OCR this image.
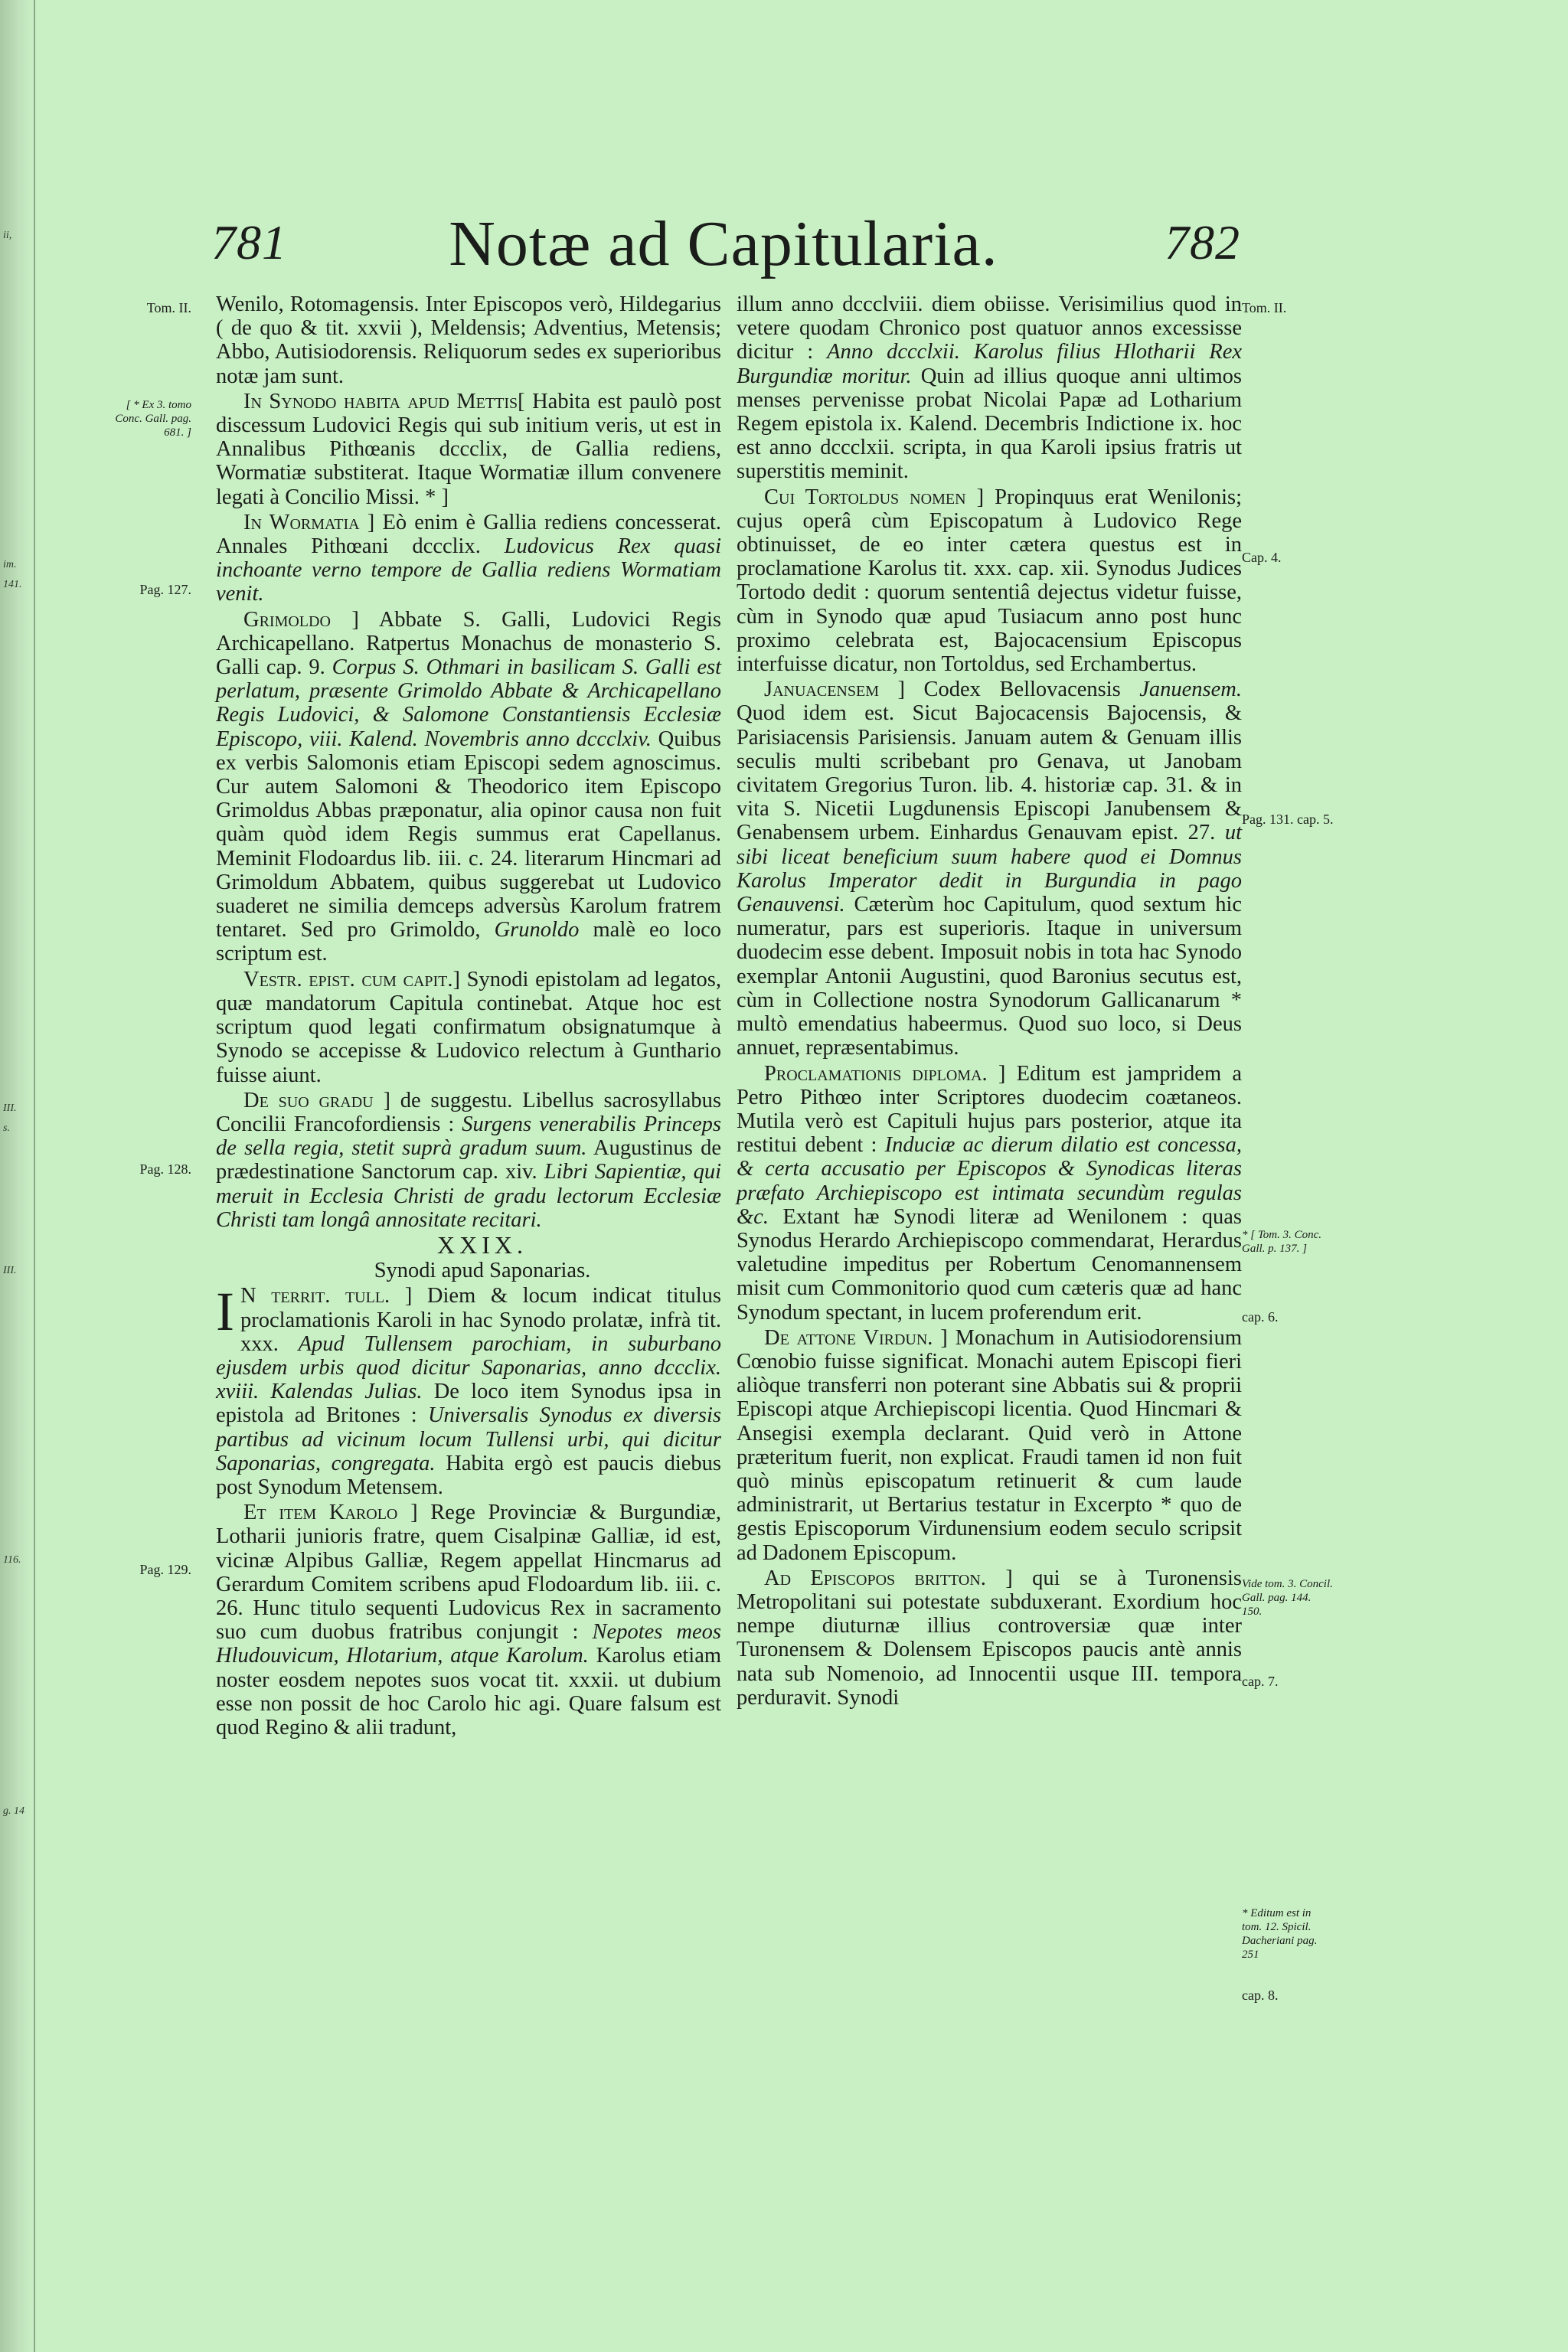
ii,
im.
141.
III.
s.
III.
116.
g. 14
781	Notæ ad Capitularia.	782
Tom. II.
[ * Ex 3. tomo Conc. Gall. pag. 681. ]
Pag. 127.
Pag. 128.
Pag. 129.
Tom. II.
Cap. 4.
Pag. 131. cap. 5.
* [ Tom. 3. Conc. Gall. p. 137. ]
cap. 6.
Vide tom. 3. Concil. Gall. pag. 144. 150.
cap. 7.
* Editum est in tom. 12. Spicil. Dacheriani pag. 251
cap. 8.

Wenilo, Rotomagensis. Inter Episcopos verò, Hildegarius ( de quo & tit. xxvii ), Meldensis; Adventius, Metensis; Abbo, Autisiodorensis. Reliquorum sedes ex superioribus notæ jam sunt.

In Synodo habita apud Mettis[ Habita est paulò post discessum Ludovici Regis qui sub initium veris, ut est in Annalibus Pithœanis dccclix, de Gallia rediens, Wormatiæ substiterat. Itaque Wormatiæ illum convenere legati à Concilio Missi. * ]

In Wormatia ] Eò enim è Gallia rediens concesserat. Annales Pithœani dccclix. Ludovicus Rex quasi inchoante verno tempore de Gallia rediens Wormatiam venit.

Grimoldo ] Abbate S. Galli, Ludovici Regis Archicapellano. Ratpertus Monachus de monasterio S. Galli cap. 9. Corpus S. Othmari in basilicam S. Galli est perlatum, præsente Grimoldo Abbate & Archicapellano Regis Ludovici, & Salomone Constantiensis Ecclesiæ Episcopo, viii. Kalend. Novembris anno dccclxiv. Quibus ex verbis Salomonis etiam Episcopi sedem agnoscimus. Cur autem Salomoni & Theodorico item Episcopo Grimoldus Abbas præponatur, alia opinor causa non fuit quàm quòd idem Regis summus erat Capellanus. Meminit Flodoardus lib. iii. c. 24. literarum Hincmari ad Grimoldum Abbatem, quibus suggerebat ut Ludovico suaderet ne similia demceps adversùs Karolum fratrem tentaret. Sed pro Grimoldo, Grunoldo malè eo loco scriptum est.

Vestr. epist. cum capit.] Synodi epistolam ad legatos, quæ mandatorum Capitula continebat. Atque hoc est scriptum quod legati confirmatum obsignatumque à Synodo se accepisse & Ludovico relectum à Gunthario fuisse aiunt.

De suo gradu ] de suggestu. Libellus sacrosyllabus Concilii Francofordiensis : Surgens venerabilis Princeps de sella regia, stetit suprà gradum suum. Augustinus de prædestinatione Sanctorum cap. xiv. Libri Sapientiæ, qui meruit in Ecclesia Christi de gradu lectorum Ecclesiæ Christi tam longâ annositate recitari.

XXIX.

Synodi apud Saponarias.

I N territ. tull. ] Diem & locum indicat titulus proclamationis Karoli in hac Synodo prolatæ, infrà tit. xxx. Apud Tullensem parochiam, in suburbano ejusdem urbis quod dicitur Saponarias, anno dccclix. xviii. Kalendas Julias. De loco item Synodus ipsa in epistola ad Britones : Universalis Synodus ex diversis partibus ad vicinum locum Tullensi urbi, qui dicitur Saponarias, congregata. Habita ergò est paucis diebus post Synodum Metensem.

Et item Karolo ] Rege Provinciæ & Burgundiæ, Lotharii junioris fratre, quem Cisalpinæ Galliæ, id est, vicinæ Alpibus Galliæ, Regem appellat Hincmarus ad Gerardum Comitem scribens apud Flodoardum lib. iii. c. 26. Hunc titulo sequenti Ludovicus Rex in sacramento suo cum duobus fratribus conjungit : Nepotes meos Hludouvicum, Hlotarium, atque Karolum. Karolus etiam noster eosdem nepotes suos vocat tit. xxxii. ut dubium esse non possit de hoc Carolo hic agi. Quare falsum est quod Regino & alii tradunt,

illum anno dccclviii. diem obiisse. Verisimilius quod in vetere quodam Chronico post quatuor annos excessisse dicitur : Anno dccclxii. Karolus filius Hlotharii Rex Burgundiæ moritur. Quin ad illius quoque anni ultimos menses pervenisse probat Nicolai Papæ ad Lotharium Regem epistola ix. Kalend. Decembris Indictione ix. hoc est anno dccclxii. scripta, in qua Karoli ipsius fratris ut superstitis meminit.

Cui Tortoldus nomen ] Propinquus erat Wenilonis; cujus operâ cùm Episcopatum à Ludovico Rege obtinuisset, de eo inter cætera questus est in proclamatione Karolus tit. xxx. cap. xii. Synodus Judices Tortodo dedit : quorum sententiâ dejectus videtur fuisse, cùm in Synodo quæ apud Tusiacum anno post hunc proximo celebrata est, Bajocacensium Episcopus interfuisse dicatur, non Tortoldus, sed Erchambertus.

Januacensem ] Codex Bellovacensis Januensem. Quod idem est. Sicut Bajocacensis Bajocensis, & Parisiacensis Parisiensis. Januam autem & Genuam illis seculis multi scribebant pro Genava, ut Janobam civitatem Gregorius Turon. lib. 4. historiæ cap. 31. & in vita S. Nicetii Lugdunensis Episcopi Janubensem & Genabensem urbem. Einhardus Genauvam epist. 27. ut sibi liceat beneficium suum habere quod ei Domnus Karolus Imperator dedit in Burgundia in pago Genauvensi. Cæterùm hoc Capitulum, quod sextum hic numeratur, pars est superioris. Itaque in universum duodecim esse debent. Imposuit nobis in tota hac Synodo exemplar Antonii Augustini, quod Baronius secutus est, cùm in Collectione nostra Synodorum Gallicanarum * multò emendatius habeermus. Quod suo loco, si Deus annuet, repræsentabimus.

Proclamationis diploma. ] Editum est jampridem a Petro Pithœo inter Scriptores duodecim coætaneos. Mutila verò est Capituli hujus pars posterior, atque ita restitui debent : Induciæ ac dierum dilatio est concessa, & certa accusatio per Episcopos & Synodicas literas præfato Archiepiscopo est intimata secundùm regulas &c. Extant hæ Synodi literæ ad Wenilonem : quas Synodus Herardo Archiepiscopo commendarat, Herardus valetudine impeditus per Robertum Cenomannensem misit cum Commonitorio quod cum cæteris quæ ad hanc Synodum spectant, in lucem proferendum erit.

De attone Virdun. ] Monachum in Autisiodorensium Cœnobio fuisse significat. Monachi autem Episcopi fieri aliòque transferri non poterant sine Abbatis sui & proprii Episcopi atque Archiepiscopi licentia. Quod Hincmari & Ansegisi exempla declarant. Quid verò in Attone præteritum fuerit, non explicat. Fraudi tamen id non fuit quò minùs episcopatum retinuerit & cum laude administrarit, ut Bertarius testatur in Excerpto * quo de gestis Episcoporum Virdunensium eodem seculo scripsit ad Dadonem Episcopum.

Ad Episcopos britton. ] qui se à Turonensis Metropolitani sui potestate subduxerant. Exordium hoc nempe diuturnæ illius controversiæ quæ inter Turonensem & Dolensem Episcopos paucis antè annis nata sub Nomenoio, ad Innocentii usque III. tempora perduravit. Synodi
